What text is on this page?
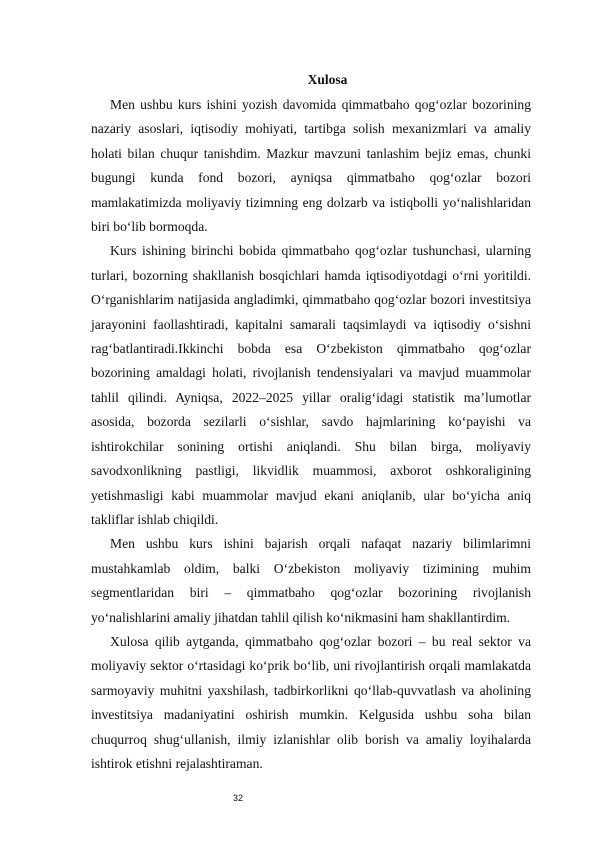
Xulosa

Men ushbu kurs ishini yozish davomida qimmatbaho qog‘ozlar bozorining nazariy asoslari, iqtisodiy mohiyati, tartibga solish mexanizmlari va amaliy holati bilan chuqur tanishdim. Mazkur mavzuni tanlashim bejiz emas, chunki bugungi kunda fond bozori, ayniqsa qimmatbaho qog‘ozlar bozori mamlakatimizda moliyaviy tizimning eng dolzarb va istiqbolli yo‘nalishlaridan biri bo‘lib bormoqda.

Kurs ishining birinchi bobida qimmatbaho qog‘ozlar tushunchasi, ularning turlari, bozorning shakllanish bosqichlari hamda iqtisodiyotdagi o‘rni yoritildi. O‘rganishlarim natijasida angladimki, qimmatbaho qog‘ozlar bozori investitsiya jarayonini faollashtiradi, kapitalni samarali taqsimlaydi va iqtisodiy o‘sishni rag‘batlantiradi.Ikkinchi bobda esa O‘zbekiston qimmatbaho qog‘ozlar bozorining amaldagi holati, rivojlanish tendensiyalari va mavjud muammolar tahlil qilindi. Ayniqsa, 2022–2025 yillar oralig‘idagi statistik ma’lumotlar asosida, bozorda sezilarli o‘sishlar, savdo hajmlarining ko‘payishi va ishtirokchilar sonining ortishi aniqlandi. Shu bilan birga, moliyaviy savodxonlikning pastligi, likvidlik muammosi, axborot oshkoraligining yetishmasligi kabi muammolar mavjud ekani aniqlanib, ular bo‘yicha aniq takliflar ishlab chiqildi.

Men ushbu kurs ishini bajarish orqali nafaqat nazariy bilimlarimni mustahkamlab oldim, balki O‘zbekiston moliyaviy tizimining muhim segmentlaridan biri – qimmatbaho qog‘ozlar bozorining rivojlanish yo‘nalishlarini amaliy jihatdan tahlil qilish ko‘nikmasini ham shakllantirdim.

Xulosa qilib aytganda, qimmatbaho qog‘ozlar bozori – bu real sektor va moliyaviy sektor o‘rtasidagi ko‘prik bo‘lib, uni rivojlantirish orqali mamlakatda sarmoyaviy muhitni yaxshilash, tadbirkorlikni qo‘llab-quvvatlash va aholining investitsiya madaniyatini oshirish mumkin. Kelgusida ushbu soha bilan chuqurroq shug‘ullanish, ilmiy izlanishlar olib borish va amaliy loyihalarda ishtirok etishni rejalashtiraman.

32
